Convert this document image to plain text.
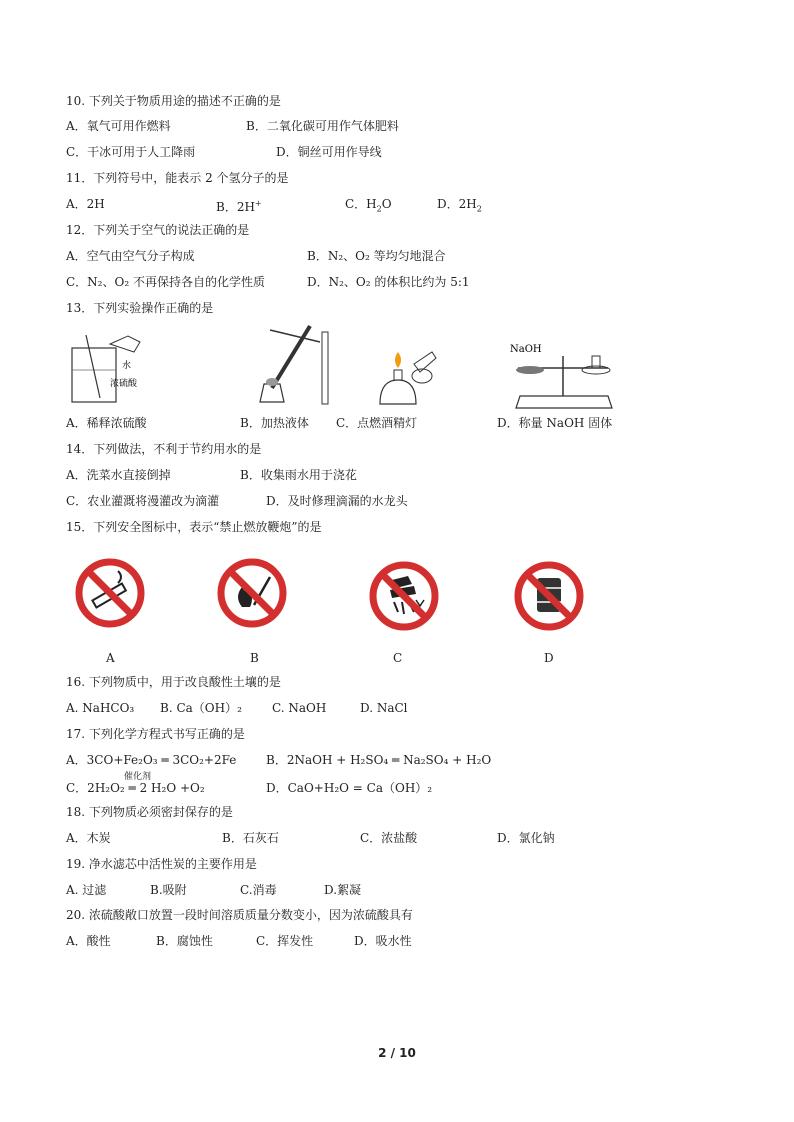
10. 下列关于物质用途的描述不正确的是
A．氧气可用作燃料	B．二氧化碳可用作气体肥料
C．干冰可用于人工降雨	D．铜丝可用作导线
11．下列符号中，能表示 2 个氢分子的是
A．2H	B．2H+	C．$H_2O$	D．$2H_2$
12．下列关于空气的说法正确的是
A．空气由空气分子构成	B．N₂、O₂ 等均匀地混合
C．N₂、O₂ 不再保持各自的化学性质	D．N₂、O₂ 的体积比约为 5:1
13．下列实验操作正确的是
水
浓硫酸
NaOH
A．稀释浓硫酸	B．加热液体 C．点燃酒精灯	D．称量 NaOH 固体
14．下列做法，不利于节约用水的是
A．洗菜水直接倒掉	B．收集雨水用于浇花
C．农业灌溉将漫灌改为滴灌	D．及时修理滴漏的水龙头
15．下列安全图标中，表示“禁止燃放鞭炮”的是
A	B	C	D
16. 下列物质中，用于改良酸性土壤的是
A. NaHCO₃ B. Ca（OH）₂	C. NaOH	D. NaCl
17. 下列化学方程式书写正确的是
A．3CO+Fe₂O₃ ═ 3CO₂+2Fe B．2NaOH + H₂SO₄ ═ Na₂SO₄ + H₂O
催化剂
C．2H₂O₂ ═ 2 H₂O +O₂	D．CaO+H₂O = Ca（OH）₂
18. 下列物质必须密封保存的是
A．木炭	B．石灰石	C．浓盐酸	D．氯化钠
19. 净水滤芯中活性炭的主要作用是
A. 过滤	B.吸附	C.消毒	D.絮凝
20. 浓硫酸敞口放置一段时间溶质质量分数变小，因为浓硫酸具有
A．酸性	B．腐蚀性	C．挥发性	D．吸水性
2 / 10
